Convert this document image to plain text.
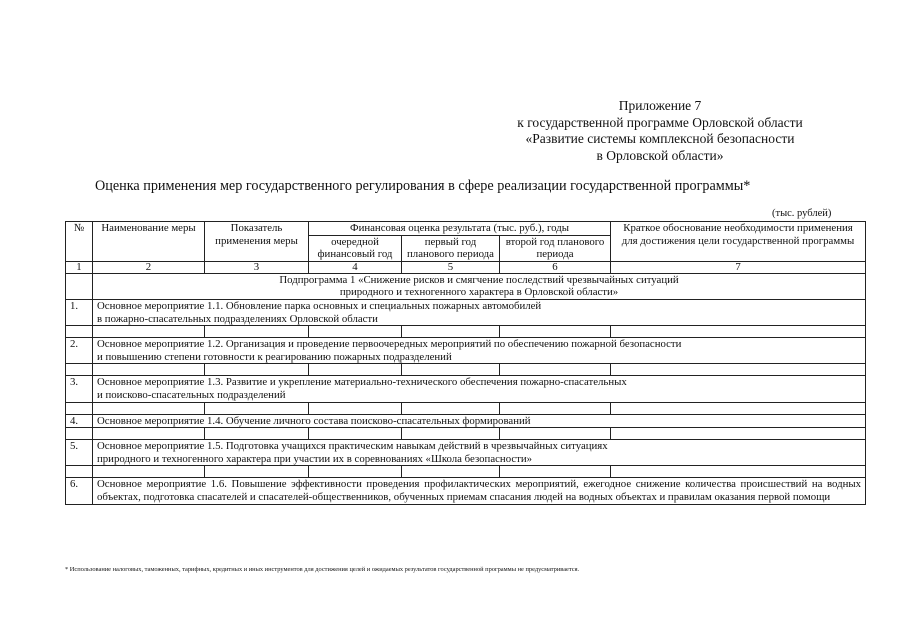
Приложение 7
к государственной программе Орловской области
«Развитие системы комплексной безопасности
в Орловской области»
Оценка применения мер государственного регулирования в сфере реализации государственной программы*
(тыс. рублей)
№	Наименование меры	Показатель применения меры	Финансовая оценка результата (тыс. руб.), годы			Краткое обоснование необходимости применения для достижения цели государственной программы
			очередной финансовый год	первый год планового периода	второй год планового периода	
1	2	3	4	5	6	7

	Подпрограмма 1 «Снижение рисков и смягчение последствий чрезвычайных ситуаций
природного и техногенного характера в Орловской области»					

1.	Основное мероприятие 1.1. Обновление парка основных и специальных пожарных автомобилей
в пожарно-спасательных подразделениях Орловской области					

2.	Основное мероприятие 1.2. Организация и проведение первоочередных мероприятий по обеспечению пожарной безопасности
и повышению степени готовности к реагированию пожарных подразделений					

3.	Основное мероприятие 1.3. Развитие и укрепление материально-технического обеспечения пожарно-спасательных
и поисково-спасательных подразделений					

4.	Основное мероприятие 1.4. Обучение личного состава поисково-спасательных формирований					

5.	Основное мероприятие 1.5. Подготовка учащихся практическим навыкам действий в чрезвычайных ситуациях
природного и техногенного характера при участии их в соревнованиях «Школа безопасности»					

6.	Основное мероприятие 1.6. Повышение эффективности проведения профилактических мероприятий, ежегодное снижение количества происшествий на водных объектах, подготовка спасателей и спасателей-общественников, обученных приемам спасания людей на водных объектах и правилам оказания первой помощи					
* Использование налоговых, таможенных, тарифных, кредитных и иных инструментов для достижения целей и ожидаемых результатов государственной программы не предусматривается.
